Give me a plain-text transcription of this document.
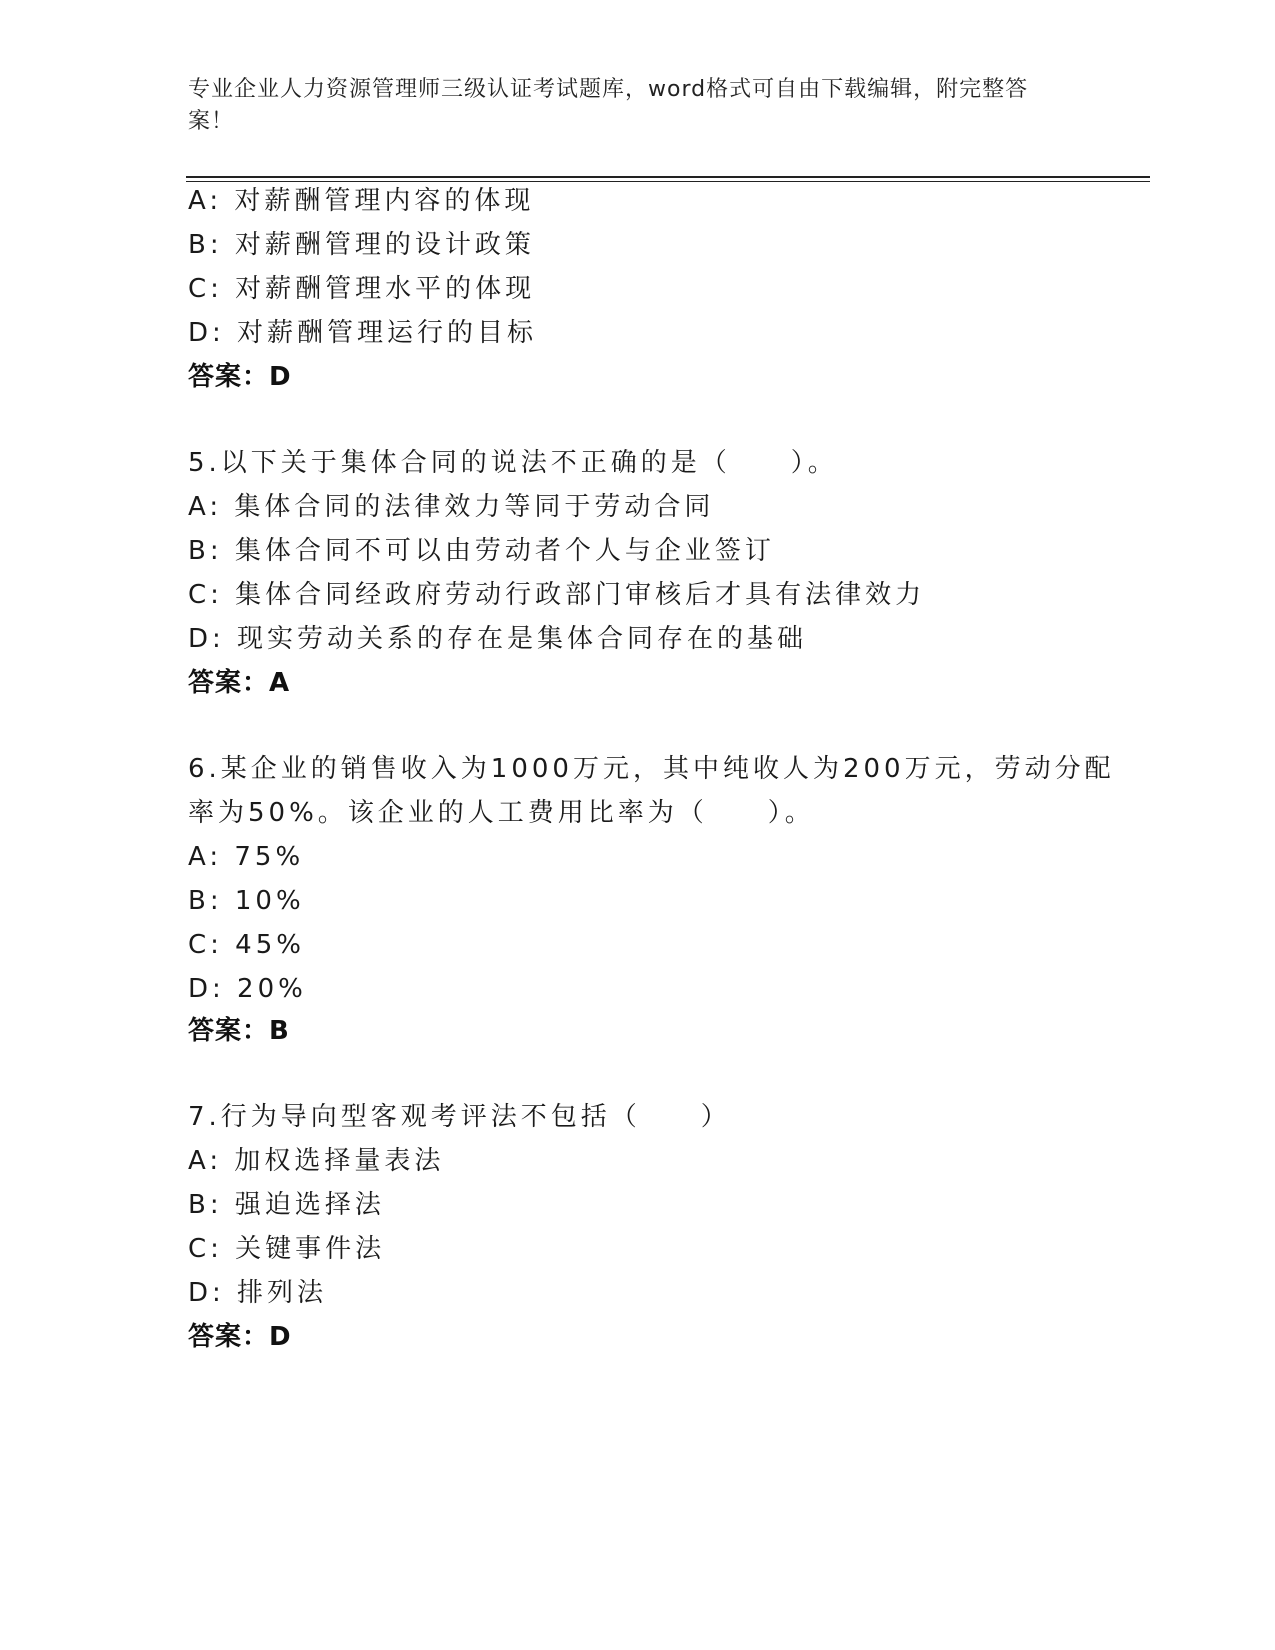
专业企业人力资源管理师三级认证考试题库，word格式可自由下载编辑，附完整答案！
A: 对薪酬管理内容的体现
B: 对薪酬管理的设计政策
C: 对薪酬管理水平的体现
D: 对薪酬管理运行的目标
答案：D
5.以下关于集体合同的说法不正确的是（　　）。
A: 集体合同的法律效力等同于劳动合同
B: 集体合同不可以由劳动者个人与企业签订
C: 集体合同经政府劳动行政部门审核后才具有法律效力
D: 现实劳动关系的存在是集体合同存在的基础
答案：A
6.某企业的销售收入为1000万元，其中纯收人为200万元，劳动分配
率为50%。该企业的人工费用比率为（　　）。
A: 75%
B: 10%
C: 45%
D: 20%
答案：B
7.行为导向型客观考评法不包括（　　）
A: 加权选择量表法
B: 强迫选择法
C: 关键事件法
D: 排列法
答案：D
